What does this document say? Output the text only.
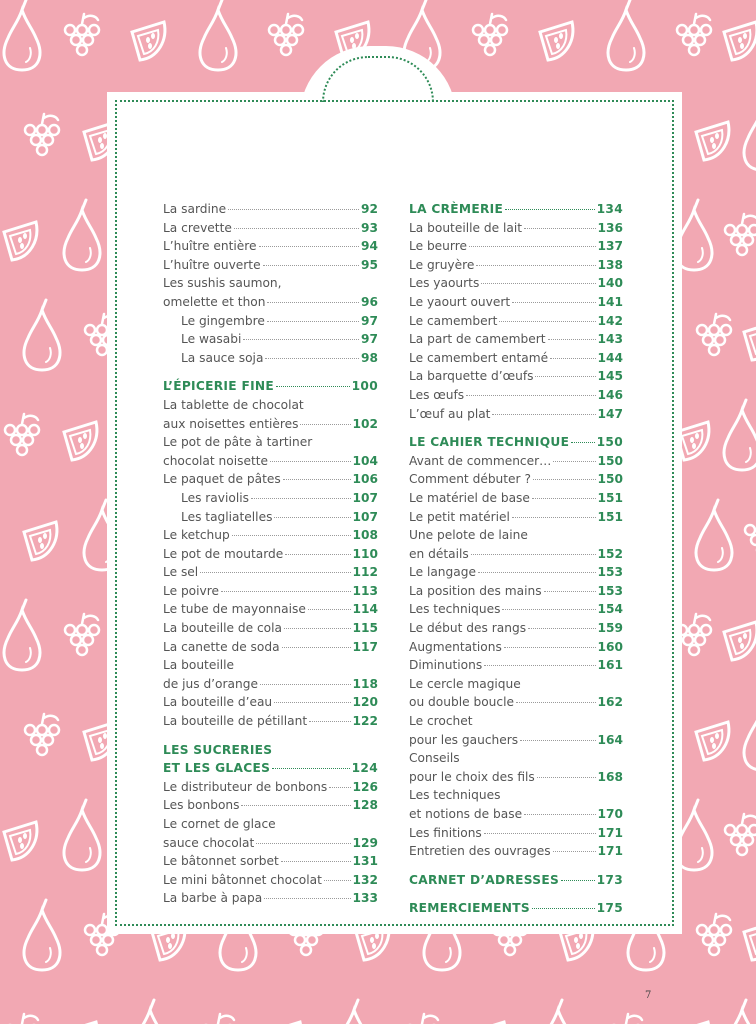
La sardine	92
La crevette	93
L’huître entière	94
L’huître ouverte	95
Les sushis saumon,
omelette et thon	96
Le gingembre	97
Le wasabi	97
La sauce soja	98
L’ÉPICERIE FINE	100
La tablette de chocolat
aux noisettes entières	102
Le pot de pâte à tartiner
chocolat noisette	104
Le paquet de pâtes	106
Les raviolis	107
Les tagliatelles	107
Le ketchup	108
Le pot de moutarde	110
Le sel	112
Le poivre	113
Le tube de mayonnaise	114
La bouteille de cola	115
La canette de soda	117
La bouteille
de jus d’orange	118
La bouteille d’eau	120
La bouteille de pétillant	122
LES SUCRERIES
ET LES GLACES	124
Le distributeur de bonbons 126
Les bonbons	128
Le cornet de glace
sauce chocolat	129
Le bâtonnet sorbet	131
Le mini bâtonnet chocolat	132
La barbe à papa	133
LA CRÈMERIE	134
La bouteille de lait	136
Le beurre	137
Le gruyère	138
Les yaourts	140
Le yaourt ouvert	141
Le camembert	142
La part de camembert	143
Le camembert entamé	144
La barquette d’œufs	145
Les œufs	146
L’œuf au plat	147
LE CAHIER TECHNIQUE 150
Avant de commencer…	150
Comment débuter ?	150
Le matériel de base	151
Le petit matériel	151
Une pelote de laine
en détails	152
Le langage	153
La position des mains	153
Les techniques	154
Le début des rangs	159
Augmentations	160
Diminutions	161
Le cercle magique
ou double boucle	162
Le crochet
pour les gauchers	164
Conseils
pour le choix des fils	168
Les techniques
et notions de base	170
Les finitions	171
Entretien des ouvrages	171
CARNET D’ADRESSES	173
REMERCIEMENTS	175
7
